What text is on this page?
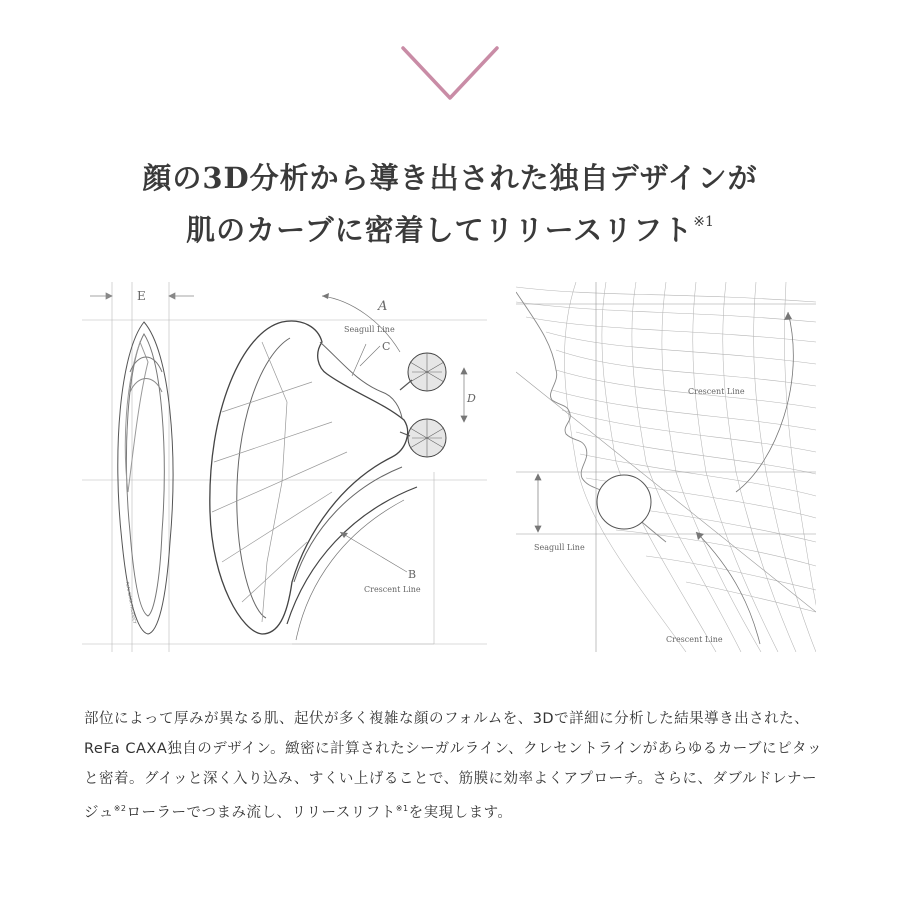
顔の3D分析から導き出された独自デザインが
肌のカーブに密着してリリースリフト$^{※1}$
E
ReFa CAXA PRODUCT
A
Seagull Line
C
D
B
Crescent Line
Crescent Line
Seagull Line
Crescent Line
部位によって厚みが異なる肌、起伏が多く複雑な顔のフォルムを、3Dで詳細に分析した結果導き出された、ReFa CAXA独自のデザイン。緻密に計算されたシーガルライン、クレセントラインがあらゆるカーブにピタッと密着。グイッと深く入り込み、すくい上げることで、筋膜に効率よくアプローチ。さらに、ダブルドレナージュ$^{※2}$ローラーでつまみ流し、リリースリフト$^{※1}$を実現します。
